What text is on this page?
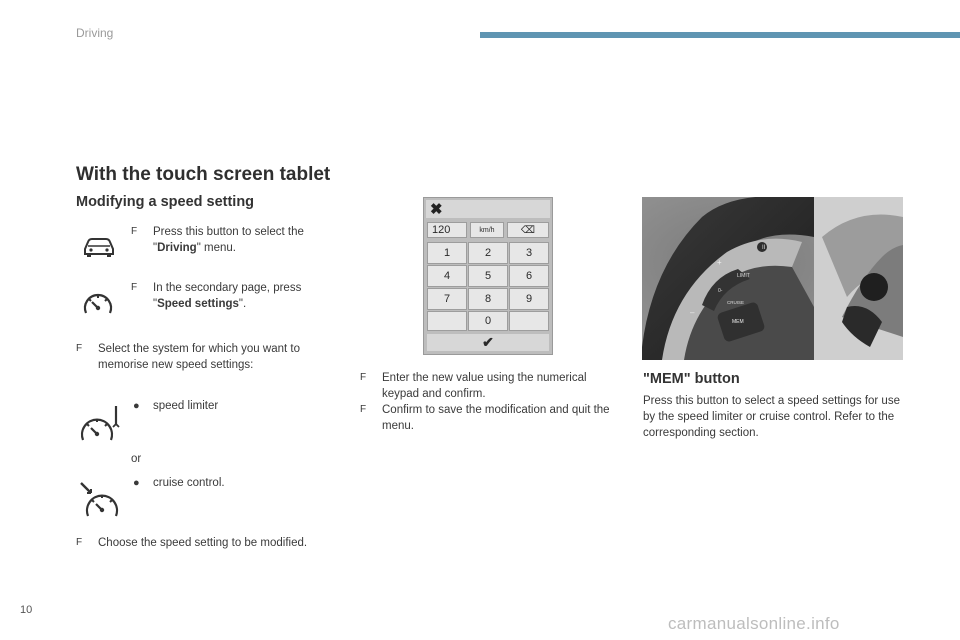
Driving
With the touch screen tablet
Modifying a speed setting
F Press this button to select the "Driving" menu.
F In the secondary page, press "Speed settings".
F Select the system for which you want to memorise new speed settings:
● speed limiter
or
● cruise control.
F Choose the speed setting to be modified.
✖
120	km/h	⌫
1	2	3
4	5	6
7	8	9
0
✔
F Enter the new value using the numerical keypad and confirm.
F Confirm to save the modification and quit the menu.
+
II
LIMIT
0-
–
CRUISE
MEM
"MEM" button
Press this button to select a speed settings for use by the speed limiter or cruise control. Refer to the corresponding section.
10
carmanualsonline.info
